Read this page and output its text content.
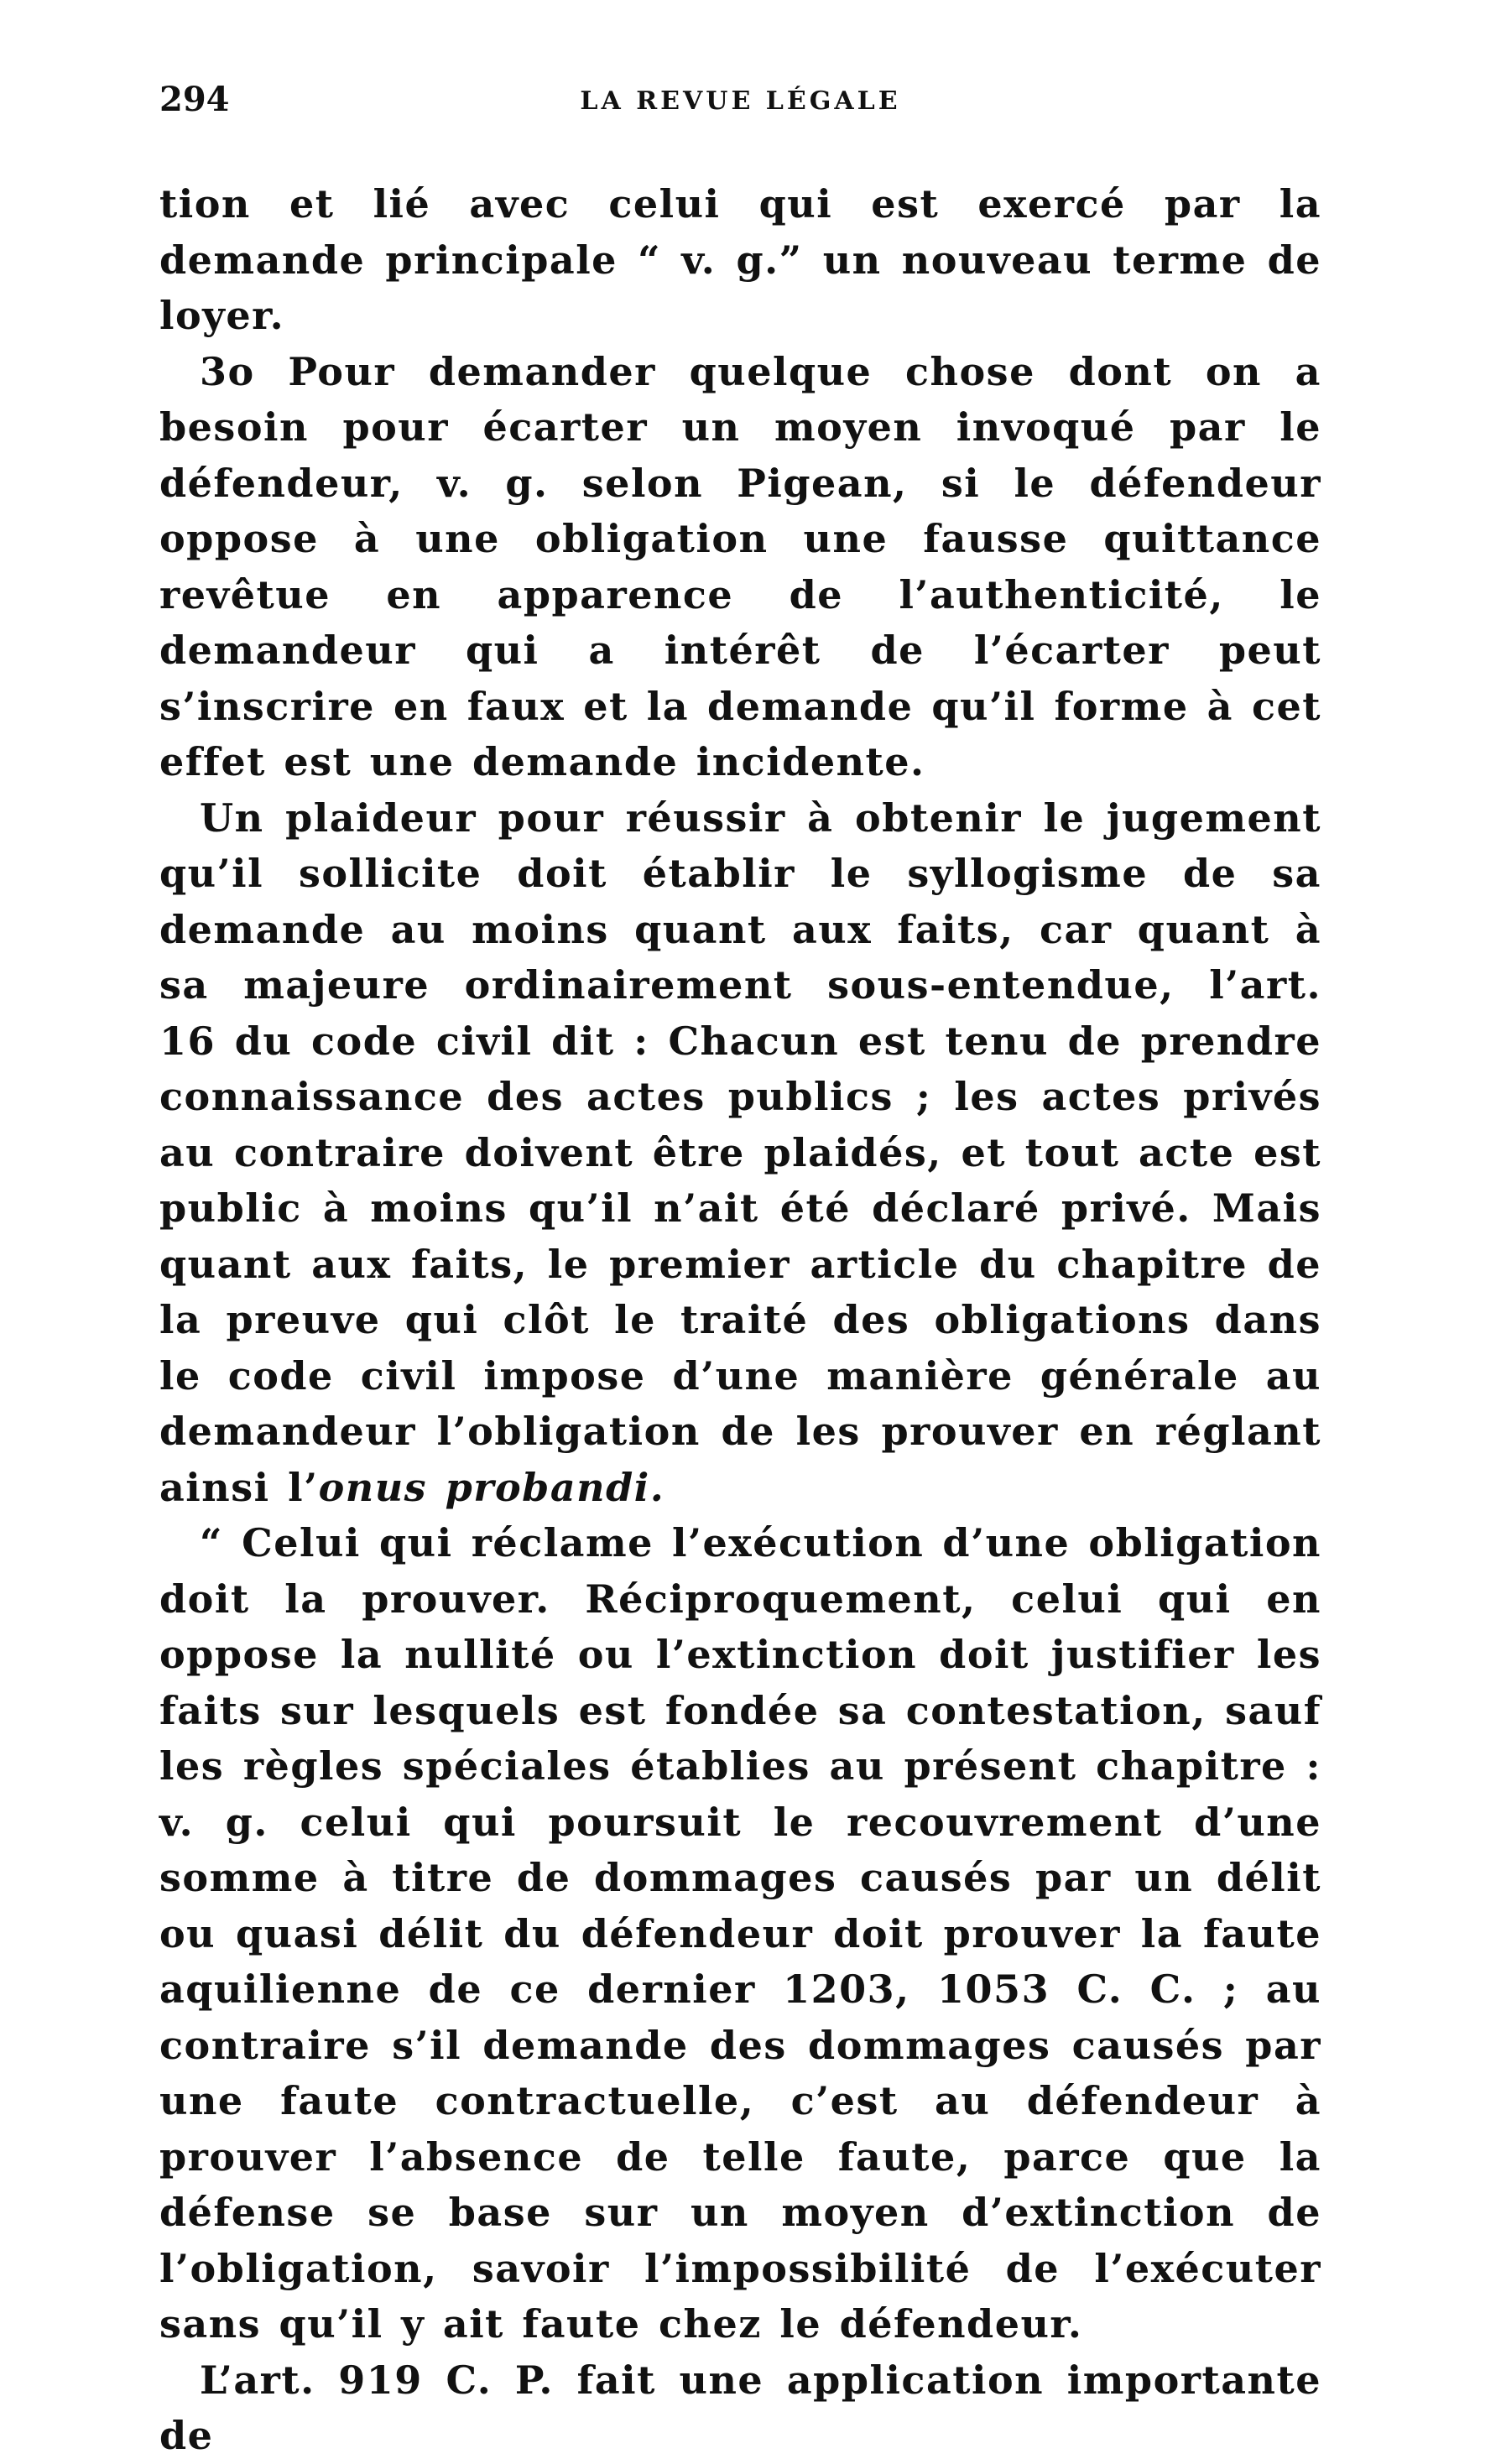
294	LA REVUE LÉGALE

tion et lié avec celui qui est exercé par la demande principale “ v. g.” un nouveau terme de loyer.

3o Pour demander quelque chose dont on a besoin pour écarter un moyen invoqué par le défendeur, v. g. selon Pigean, si le défendeur oppose à une obligation une fausse quittance revêtue en apparence de l’authenticité, le demandeur qui a intérêt de l’écarter peut s’inscrire en faux et la demande qu’il forme à cet effet est une demande incidente.

Un plaideur pour réussir à obtenir le jugement qu’il sollicite doit établir le syllogisme de sa demande au moins quant aux faits, car quant à sa majeure ordinairement sous-entendue, l’art. 16 du code civil dit : Chacun est tenu de prendre connaissance des actes publics ; les actes privés au contraire doivent être plaidés, et tout acte est public à moins qu’il n’ait été déclaré privé. Mais quant aux faits, le premier article du chapitre de la preuve qui clôt le traité des obligations dans le code civil impose d’une manière générale au demandeur l’obligation de les prouver en réglant ainsi l’onus probandi.

“ Celui qui réclame l’exécution d’une obligation doit la prouver. Réciproquement, celui qui en oppose la nullité ou l’extinction doit justifier les faits sur lesquels est fondée sa contestation, sauf les règles spéciales établies au présent chapitre : v. g. celui qui poursuit le recouvrement d’une somme à titre de dommages causés par un délit ou quasi délit du défendeur doit prouver la faute aquilienne de ce dernier 1203, 1053 C. C. ; au contraire s’il demande des dommages causés par une faute contractuelle, c’est au défendeur à prouver l’absence de telle faute, parce que la défense se base sur un moyen d’extinction de l’obligation, savoir l’impossibilité de l’exécuter sans qu’il y ait faute chez le défendeur.

L’art. 919 C. P. fait une application importante de
